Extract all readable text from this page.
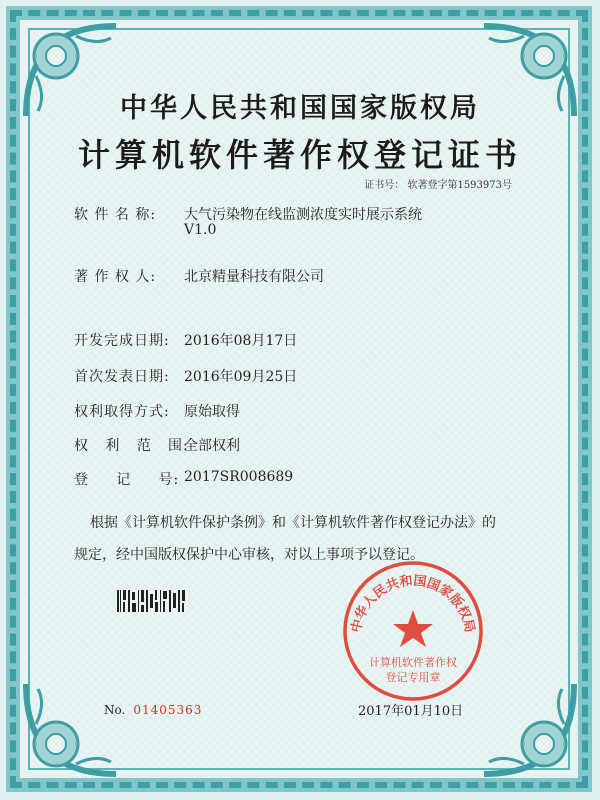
中华人民共和国国家版权局
计算机软件著作权登记证书
证书号： 软著登字第1593973号
软 件 名 称: 大气污染物在线监测浓度实时展示系统
V1.0
著 作 权 人: 北京精量科技有限公司
开发完成日期: 2016年08月17日
首次发表日期: 2016年09月25日
权利取得方式: 原始取得
权   利   范   围:
全部权利
登     记     号: 2017SR008689
根据《计算机软件保护条例》和《计算机软件著作权登记办法》的
规定，经中国版权保护中心审核，对以上事项予以登记。
中华人民共和国国家版权局
计算机软件著作权
登记专用章
No. 01405363	2017年01月10日
